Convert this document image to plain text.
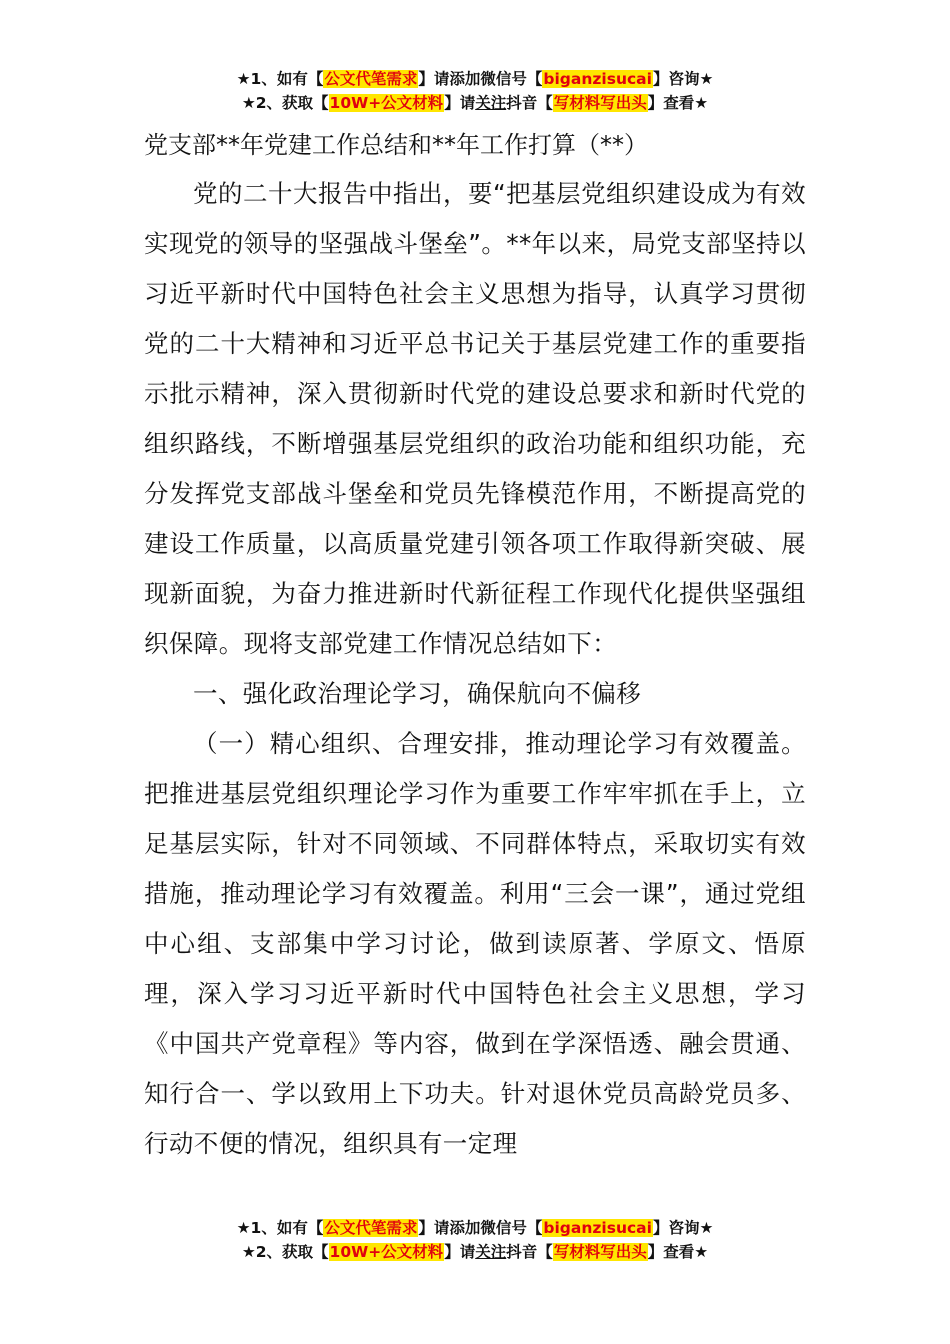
★1、如有【公文代笔需求】请添加微信号【biganzisucai】咨询★
★2、获取【10W+公文材料】请关注抖音【写材料写出头】查看★
党支部**年党建工作总结和**年工作打算（**）

党的二十大报告中指出，要“把基层党组织建设成为有效实现党的领导的坚强战斗堡垒”。**年以来，局党支部坚持以习近平新时代中国特色社会主义思想为指导，认真学习贯彻党的二十大精神和习近平总书记关于基层党建工作的重要指示批示精神，深入贯彻新时代党的建设总要求和新时代党的组织路线，不断增强基层党组织的政治功能和组织功能，充分发挥党支部战斗堡垒和党员先锋模范作用，不断提高党的建设工作质量，以高质量党建引领各项工作取得新突破、展现新面貌，为奋力推进新时代新征程工作现代化提供坚强组织保障。现将支部党建工作情况总结如下：

一、强化政治理论学习，确保航向不偏移

（一）精心组织、合理安排，推动理论学习有效覆盖。把推进基层党组织理论学习作为重要工作牢牢抓在手上，立足基层实际，针对不同领域、不同群体特点，采取切实有效措施，推动理论学习有效覆盖。利用“三会一课”，通过党组中心组、支部集中学习讨论，做到读原著、学原文、悟原理，深入学习习近平新时代中国特色社会主义思想，学习《中国共产党章程》等内容，做到在学深悟透、融会贯通、知行合一、学以致用上下功夫。针对退休党员高龄党员多、行动不便的情况，组织具有一定理

★1、如有【公文代笔需求】请添加微信号【biganzisucai】咨询★
★2、获取【10W+公文材料】请关注抖音【写材料写出头】查看★
